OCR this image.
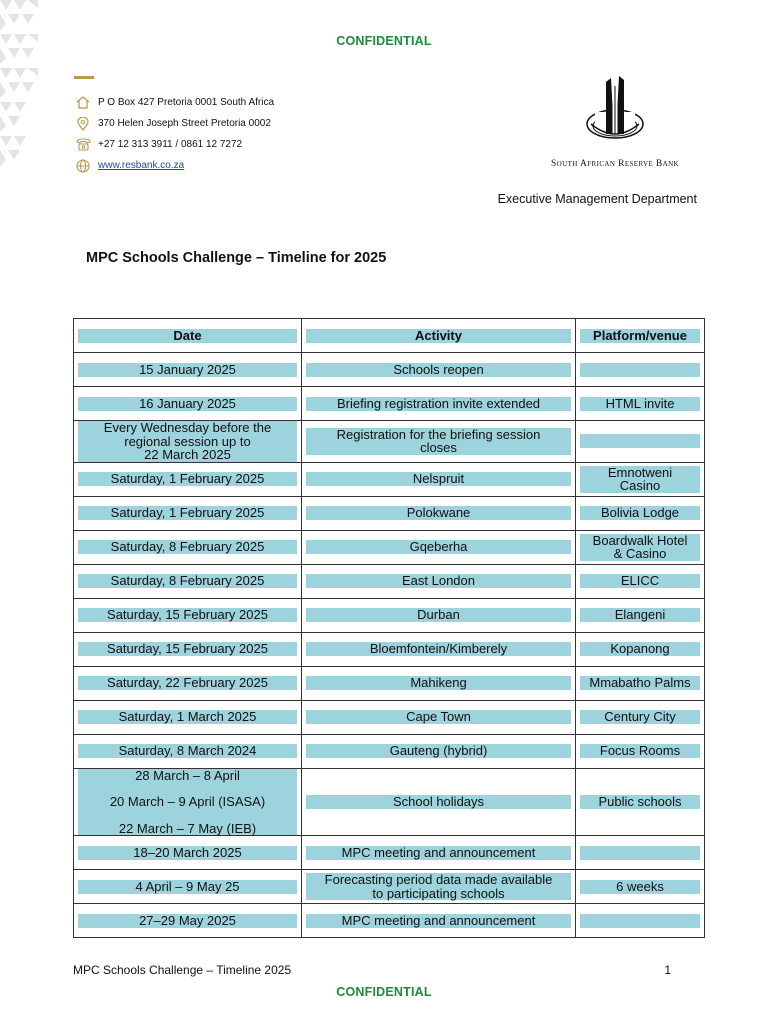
CONFIDENTIAL
P O Box 427 Pretoria 0001 South Africa
370 Helen Joseph Street Pretoria 0002
+27 12 313 3911 / 0861 12 7272
www.resbank.co.za	South African Reserve Bank
Executive Management Department
MPC Schools Challenge – Timeline for 2025
Date	Activity	Platform/venue

15 January 2025	Schools reopen	

16 January 2025	Briefing registration invite extended	HTML invite

Every Wednesday before the
regional session up to
22 March 2025	Registration for the briefing session
closes	

Saturday, 1 February 2025	Nelspruit	Emnotweni
Casino

Saturday, 1 February 2025	Polokwane	Bolivia Lodge

Saturday, 8 February 2025	Gqeberha	Boardwalk Hotel
& Casino

Saturday, 8 February 2025	East London	ELICC

Saturday, 15 February 2025	Durban	Elangeni

Saturday, 15 February 2025	Bloemfontein/Kimberely	Kopanong

Saturday, 22 February 2025	Mahikeng	Mmabatho Palms

Saturday, 1 March 2025	Cape Town	Century City

Saturday, 8 March 2024	Gauteng (hybrid)	Focus Rooms

28 March – 8 April
20 March – 9 April (ISASA)
22 March – 7 May (IEB)	School holidays	Public schools

18–20 March 2025	MPC meeting and announcement	

4 April – 9 May 25	Forecasting period data made available
to participating schools	6 weeks

27–29 May 2025	MPC meeting and announcement	

MPC Schools Challenge – Timeline 2025	1
CONFIDENTIAL
